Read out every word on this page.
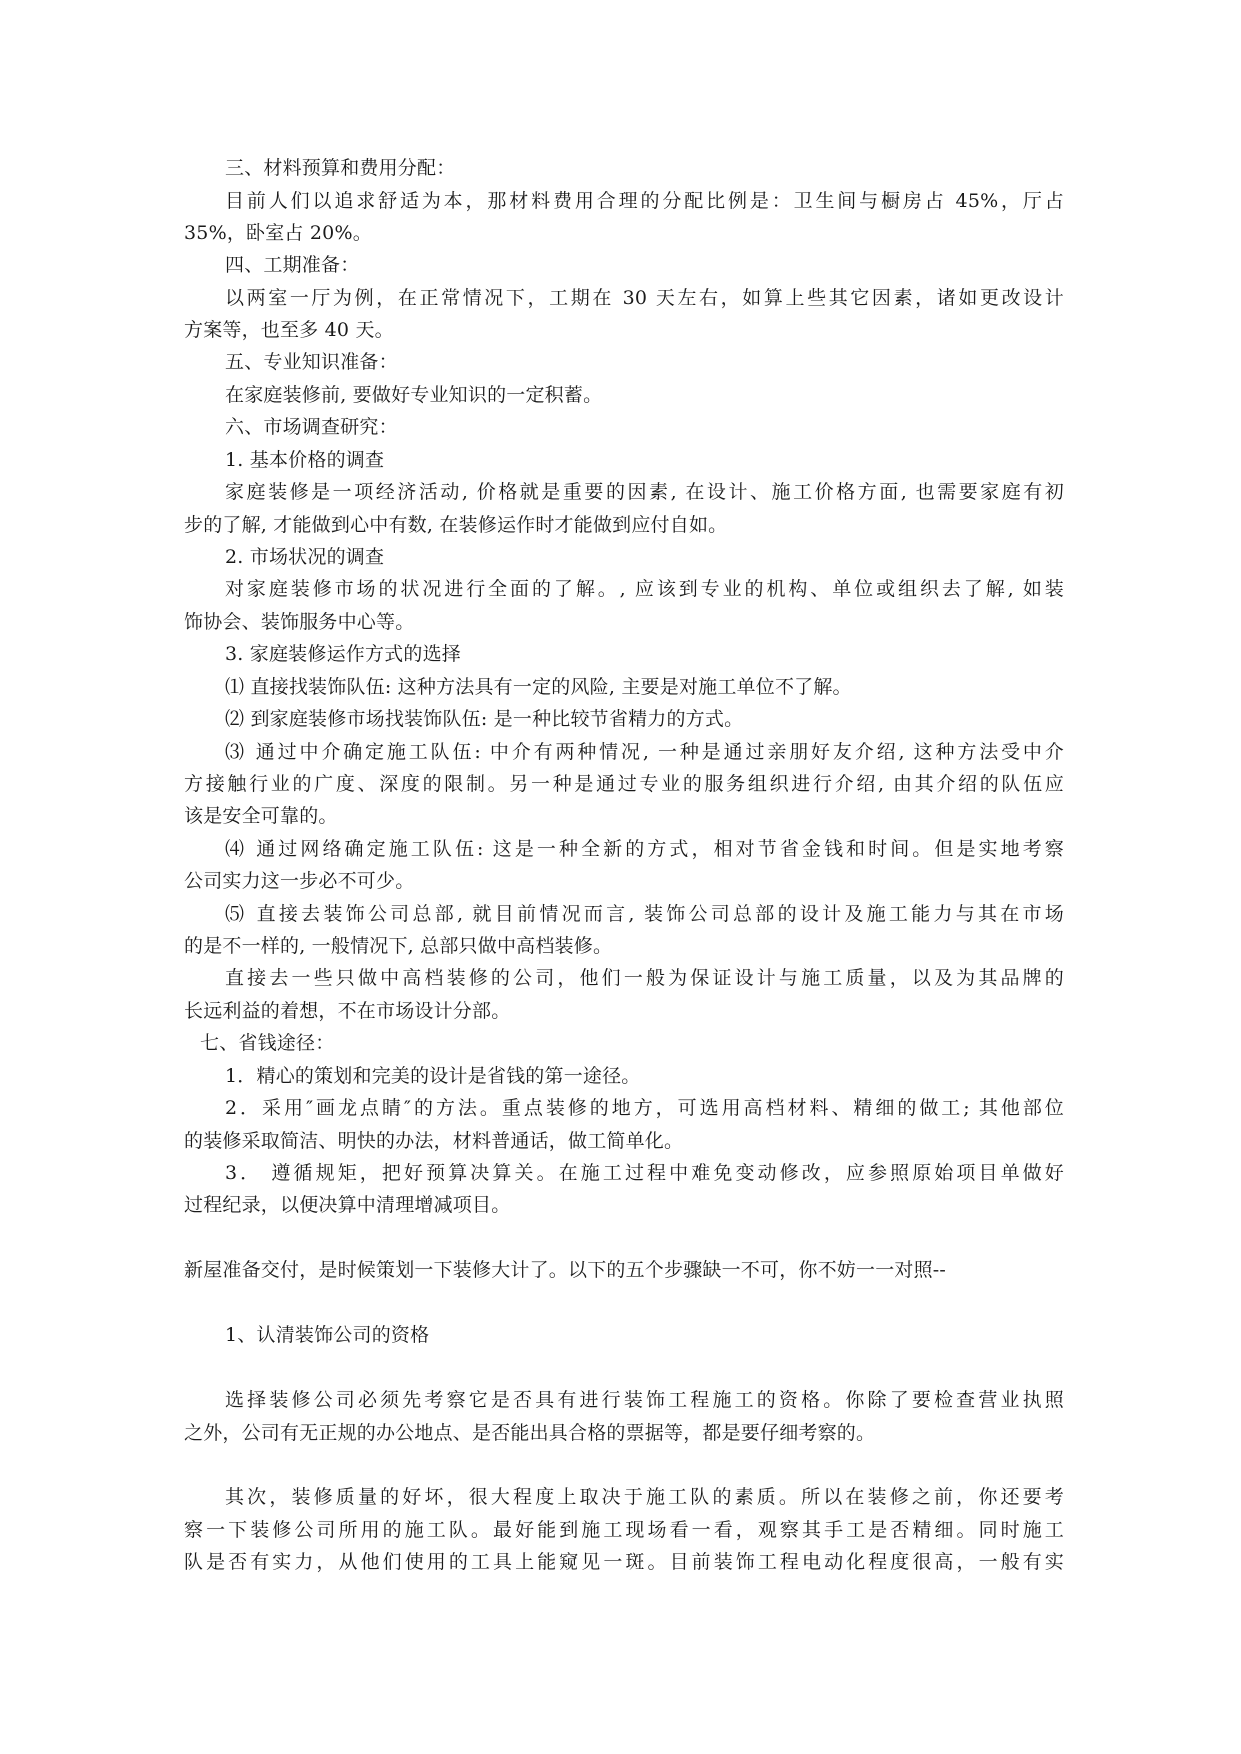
三、材料预算和费用分配：
目前人们以追求舒适为本，那材料费用合理的分配比例是：卫生间与橱房占 45%，厅占
35%，卧室占 20%。
四、工期准备：
以两室一厅为例，在正常情况下，工期在 30 天左右，如算上些其它因素，诸如更改设计
方案等，也至多 40 天。
五、专业知识准备：
在家庭装修前, 要做好专业知识的一定积蓄。
六、市场调查研究：
1. 基本价格的调查
家庭装修是一项经济活动, 价格就是重要的因素, 在设计、施工价格方面, 也需要家庭有初
步的了解, 才能做到心中有数, 在装修运作时才能做到应付自如。
2. 市场状况的调查
对家庭装修市场的状况进行全面的了解。, 应该到专业的机构、单位或组织去了解, 如装
饰协会、装饰服务中心等。
3. 家庭装修运作方式的选择
⑴ 直接找装饰队伍: 这种方法具有一定的风险, 主要是对施工单位不了解。
⑵ 到家庭装修市场找装饰队伍: 是一种比较节省精力的方式。
⑶ 通过中介确定施工队伍: 中介有两种情况, 一种是通过亲朋好友介绍, 这种方法受中介
方接触行业的广度、深度的限制。另一种是通过专业的服务组织进行介绍, 由其介绍的队伍应
该是安全可靠的。
⑷ 通过网络确定施工队伍: 这是一种全新的方式，相对节省金钱和时间。但是实地考察
公司实力这一步必不可少。
⑸ 直接去装饰公司总部, 就目前情况而言, 装饰公司总部的设计及施工能力与其在市场
的是不一样的, 一般情况下, 总部只做中高档装修。
直接去一些只做中高档装修的公司，他们一般为保证设计与施工质量，以及为其品牌的
长远利益的着想，不在市场设计分部。
七、省钱途径：
1．精心的策划和完美的设计是省钱的第一途径。
2．采用″画龙点睛″的方法。重点装修的地方，可选用高档材料、精细的做工; 其他部位
的装修采取简洁、明快的办法，材料普通话，做工简单化。
3． 遵循规矩，把好预算决算关。在施工过程中难免变动修改，应参照原始项目单做好
过程纪录，以便决算中清理增减项目。
新屋准备交付，是时候策划一下装修大计了。以下的五个步骤缺一不可，你不妨一一对照--
1、认清装饰公司的资格
选择装修公司必须先考察它是否具有进行装饰工程施工的资格。你除了要检查营业执照
之外，公司有无正规的办公地点、是否能出具合格的票据等，都是要仔细考察的。
其次，装修质量的好坏，很大程度上取决于施工队的素质。所以在装修之前，你还要考
察一下装修公司所用的施工队。最好能到施工现场看一看，观察其手工是否精细。同时施工
队是否有实力，从他们使用的工具上能窥见一斑。目前装饰工程电动化程度很高，一般有实
